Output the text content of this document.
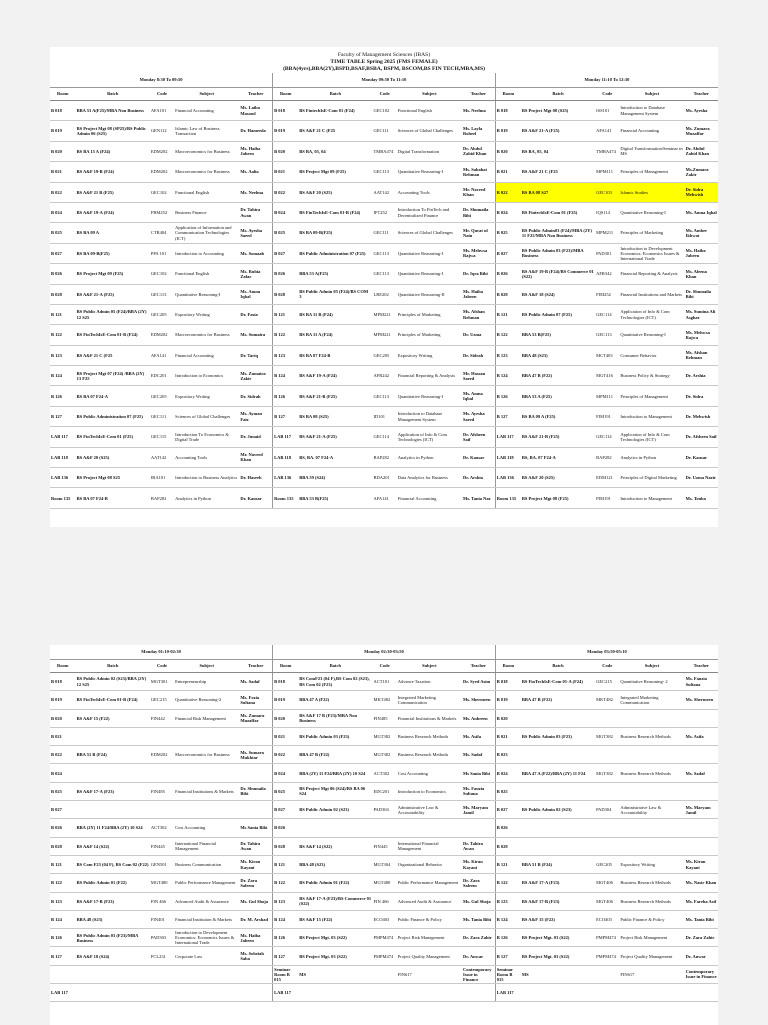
Faculty of Management Sciences (IBAS)
TIME TABLE Spring 2025 (FMS FEMALE)
(BBA(4yrs),BBA(2Y),BSPD,BSAF,BSBA, BSPM, BSCOM,BS FIN TECH,MBA,MS)
Monday 8:30 To 09:50					Monday 09:50 To 11:10					Monday 11:10 To 12:30				
Room	Batch	Code	Subject	Teacher	Room	Batch	Code	Subject	Teacher	Room	Batch	Code	Subject	Teacher
B 018	BBA 53 A(F25)/MBA Non Business	AFA101	Financial Accounting	Ms. Laiba Masood	B 018	BS FintechIsE-Com 01 (F24)	GEC102	Functional English	Ms. Neelma	B 018	BS Project Mgt 08 (S25)	ISS101	Introduction to Database Management System	Ms. Ayesha
B 019	BS Project Mgt 08 (SP25)/BS Public Admin 06 (S25)	GEN112	Islamic Law of Business Transaction	Dr. Hameeda	B 019	BS A&F 21 C (F25	GEC111	Sciences of Global Challenges	Ms. Layla Roheel	B 019	BS A&F 21-A (F25)	AFA141	Financial Accounting	Ms. Zumara Muzaffar
B 020	BS BA 15 A (F24)	EDM202	Macroeconomics for Business	Ms. Haiba Jabeen	B 020	BS BA, 05, 04	TMBA474	Digital Transformation	Dr. Abdul Zahid Khan	B 020	BS BA, 05, 04	TMBA474	Digital Transformation/Seminar in MS	Dr. Abdul Zahid Khan
B 021	BS A&F 19-B (F24)	EDM202	Macroeconomics for Business	Ms. Aalia	B 021	BS Project Mgt 09 (F25)	GEC113	Quantitative Reasoning-I	Ms. Sabahat Rehman	B 021	BS A&F 21 C (F25	MPM111	Principles of Management	Ms.Zumara Zakir
B 022	BS A&F 21 B (F25)	GEC102	Functional English	Ms. Neelma	B 022	BS A&F 20 (S25)	AAT142	Accounting Tools	Mr. Naveed Khan	B 022	BS BA 08 S27	GEC103	Islamic Studies	Dr. Sidra Mehwish
B 024	BS A&F 19-A (F24)	FBM252	Business Finance	Dr. Tahira Awan	B 024	BS FinTechIsE-Com 01-B (F24)	IFT252	Introduction To FinTech and Decentralized Finance	Dr. Shumaila Bibi	B 024	BS FintechIsE-Com 01 (F25)	IQS114	Quantitative Reasoning-I	Ms. Amna Iqbal
B 025	BS BA 09 A	CTR404	Application of Information and Communication Technologies (ICT)	Ms. Ayesha Saeed	B 025	BS BA 09-B(F25)	GEC111	Sciences of Global Challenges	Mr. Qurat ul Nain	B 025	BS Public Admin03 (F24)/MBA (2Y) 11 F25/MBA Non Business	MPM211	Principles of Marketing	Ms. Amber Ikhwat
B 027	BS BA 09-B(F25)	PPA 101	Introduction to Accounting	Ms. Somaab	B 027	BS Public Administration 07 (F25)	GEC113	Quantitative Reasoning-I	Ms. Mehwsa Rajwa	B 027	BS Public Admin 03 (F23)/MBA Business	PAD301	Introduction to Development Economics: Economics Issues & International Trade	Ms. Haiba Jabeen
B 026	BS Project Mgt 09 (F25)	GEC102	Functional English	Ms. Rubia Zafar	B 026	BBA 53 A(F25)	GEC113	Quantitative Reasoning-I	Dr. Iqra Bibi	B 026	BS A&F 19-B (F24)/BS Commerce 01 (S22)	AFR342	Financial Reporting & Analysis	Ms. Aleena Khan
B 028	BS A&F 21-A (F25)	GEC113	Quantitative Reasoning-I	Ms. Amna Iqbal	B 028	BS Public Admin 05 (F24)/BS COM 3	LBE202	Quantitative Reasoning-II	Ms. Haiba Jabeen	B 028	BS A&F 18 (S24)	FIM252	Financial Institutions and Markets	Dr. Shumaila Bibi
B 121	BS Public Admin 05 (F24)/BBA (2Y) 12 S25	GEC205	Expository Writing	Dr. Fasia	B 121	BS BA 11 B (F24)	MPM221	Principles of Marketing	Ms. Afshan Rehman	B 121	BS Public Admin 07 (F25)	GEC114	Application of Info & Com Technologies (ICT)	Ms. Sumina Ali Asghar
B 122	BS FinTechIsE-Com 01-B (F24)	EDM202	Macroeconomics for Business	Ms. Sumaira	B 122	BS BA 11 A (F24)	MPM221	Principles of Marketing	Dr. Uzma	B 122	BBA 53 B(F25)	GEC113	Quantitative Reasoning-I	Ms. Mehwsa Rajwa
B 123	BS A&F 21 C (F25	AFA141	Financial Accounting	Dr. Tariq	B 123	BS BA 07 F24-B	GEC205	Expository Writing	Dr. Sidrah	B 123	BBA 48 (S23)	MCT403	Consumer Behavior	Ms. Afshan Rehman
B 124	BS Project Mgt 07 (F24) /BBA (2Y) 13 F25	EDC201	Introduction to Economics	Ms. Zumaira Zakir	B 124	BS A&F 19-A (F24)	AFR242	Financial Reporting & Analysis	Mr. Hassan Saeed	B 124	BBA 47 B (F22)	MGT416	Business Policy & Strategy	Dr. Arshia
B 126	BS BA 07 F24-A	GEC205	Expository Writing	Dr. Sidrah	B 126	BS A&F 21-B (F25)	GEC113	Quantitative Reasoning-I	Ms. Amna Iqbal	B 126	BBA 53 A (F25)	MPM111	Principles of Management	Dr. Sidra
B 127	BS Public Administration 07 (F25)	GEC111	Sciences of Global Challenges	Ms. Ayman Faiz	B 127	BS BA 08 (S25)	ID101	Introduction to Database Management System	Ms. Ayesha Saeed	B 127	BS BA 09 A (F25)	FIM191	Introduction to Management	Dr. Mehwish
LAB 117	BS FinTechIsE-Com 01 (F25)	GEC115	Introduction To Economics & Digital Trade	Dr. Junaid	LAB 117	BS A&F 21-A (F25)	GEC114	Application of Info & Com Technologies (ICT)	Dr. Afsheen Saif	LAB 117	BS A&F 21-B (F25)	GEC114	Application of Info & Com Technologies (ICT)	Dr. Afsheen Saif
LAB 118	BS A&F 20 (S25)	AAT142	Accounting Tools	Mr. Naveed Khan	LAB 118	BS, BA. 07 F24-A	BAP282	Analytics in Python	Dr. Kausar	LAB 118	BS, BA. 07 F24-A	BAP282	Analytics in Python	Dr. Kausar
LAB 136	BS Project Mgt 08 S25	IBA101	Introduction to Business Analytics	Dr. Haseeb	LAB 136	BBA 59 (S24)	BDA201	Data Analytics for Business	Dr. Arshia	LAB 136	BS A&F 20 (S25)	EDM121	Principles of Digital Marketing	Dr. Uzma Nazir
Room 135	BS BA 07 F24-B	BAP282	Analytics in Python	Dr. Kausar	Room 135	BBA 53 B(F25)	AFA141	Financial Accounting	Ms. Tania Naz	Room 135	BS Project Mgt 08 (F25)	PIM191	Introduction to Management	Ms. Touba
Monday 01:10-02:30					Monday 02:30-03:50					Monday 03:50-05:10				
Room	Batch	Code	Subject	Teacher	Room	Batch	Code	Subject	Teacher	Room	Batch	Code	Subject	Teacher
B 018	BS Public Admin 02 (S23)/BBA (2Y) 12 S25	MGT301	Entrepreneurship	Ms. Sadaf	B 018	BS ComF23 (04 F),BS Com 02 (S23), BS Com 02 (F23)	ACT101	Advance Taxation	Dr. Syed Asim	B 018	BS FinTechIsE-Com 01-A (F24)	GEC215	Quantitative Reasoning- 2	Ms. Fauzia Sultana
B 019	BS FinTechIsE-Com 01-B (F24)	GEC215	Quantitative Reasoning-2	Ms. Fozia Sultana	B 019	BBA 47 A (F22)	MKT482	Integrated Marketing Communication	Ms. Shermeen	B 019	BBA 47 B (F22)	MKT482	Integrated Marketing Communication	Ms. Shermeen
B 020	BS A&F 15 (F22)	FIN442	Financial Risk Management	Ms. Zumara Muzaffar	B 020	BS A&F 17 B (F23)/MBA Non Business	FIN485	Financial Institutions & Markets	Ms. Anbreen	B 020				
B 021					B 021	BS Public Admin 03 (F23)	MGT382	Business Research Methods	Ms. Asifa	B 021	BS Public Admin 03 (F23)	MGT382	Business Research Methods	Ms. Asifa
B 022	BBA 51 B (F24)	EDM202	Macroeconomics for Business	Ms. Sumara Mukhtar	B 022	BBA 47 B (F22)	MGT382	Business Research Methods	Ms. Sadaf	B 023				
B 024					B 024	BBA (2Y) 11 F24/BBA (2Y) 10 S24	ACT302	Cost Accounting	Ms Sania Bibi	B 024	BBA 47 A (F22)/BBA (2Y) 11 F24	MGT382	Business Research Methods	Ms. Sadaf
B 025	BS A&F 17-A (F23)	FIN485	Financial Institutions & Markets	Dr. Shumaila Bibi	B 025	BS Project Mgt 06 (S24)/BS BA 06 S24	EDC201	Introduction to Economics	Ms. Fauzia Sultana	B 025				
B 027					B 027	BS Public Admin 02 (S23)	PAD304	Administrative Law & Accountability	Ms. Maryam Jamil	B 027	BS Public Admin 02 (S23)	PAD304	Administrative Law & Accountability	Ms. Maryam Jamil
B 026	BBA (2Y) 11 F24/BBA (2Y) 10 S24	ACT302	Cost Accounting	Ms Sania Bibi	B 026					B 026				
B 028	BS A&F 14 (S22)	FIN445	International Financial Management	Dr. Tahira Awan	B 028	BS A&F 14 (S22)	FIN445	International Financial Management	Dr. Tahira Awan	B 028				
B 121	BS Com F23 (04 F), BS Com 02 (F22)	GEN501	Business Communication	Ms. Kiran Kayani	B 121	BBA 48 (S23)	MGT304	Organizational Behavior	Ms. Kiran Kayani	B 121	BBA 51 B (F24)	GEC205	Expository Writing	Ms. Kiran Kayani
B 122	BS Public Admin 01 (F22)	MGT480	Public Performance Management	Dr. Zara Saleem	B 122	BS Public Admin 01 (F22)	MGT480	Public Performance Management	Dr. Zara Saleem	B 122	BS A&F 17-A (F23)	MGT406	Business Research Methods	Ms. Nasir Khan
B 123	BS A&F 17-B (F23)	FIN 466	Advanced Audit & Assurance	Ms. Gul Shoja	B 123	BS A&F 17-A (F23)/BS Commerce 01 (S22)	FIN 466	Advanced Audit & Assurance	Ms. Gul Shoja	B 123	BS A&F 17-B (F23)	MGT406	Business Research Methods	Ms. Fareha Asif
B 124	BBA 48 (S23)	FIN401	Financial Institution & Markets	Dr. M. Arshad	B 124	BS A&F 15 (F22)	ECO403	Public Finance & Policy	Ms. Tania Bibi	B 124	BS A&F 15 (F22)	ECO403	Public Finance & Policy	Ms. Tania Bibi
B 126	BS Public Admin 03 (F23)/MBA Business	PAD303	Introduction to Development Economics: Economics Issues & International Trade	Ms. Haiba Jabeen	B 126	BS Project Mgt. 03 (S22)	PMPM474	Project Risk Management	Dr. Zara Zahir	B 126	BS Project Mgt. 03 (S22)	PMPM474	Project Risk Management	Dr. Zara Zahir
B 127	BS A&F 18 (S24)	FCL231	Corporate Law	Ms. Sobeiah Saba	B 127	BS Project Mgt. 03 (S22)	PMPM474	Project Quality Management	Dr. Anwar	B 127	BS Project Mgt. 03 (S22)	PMPM474	Project Quality Management	Dr. Anwar
					Seminar Room B 015	MS		FIN617	Contemporary Issue in Finance	Seminar Room B 015	MS		FIN617	Contemporary Issue in Finance
LAB 117					LAB 117					LAB 117				
